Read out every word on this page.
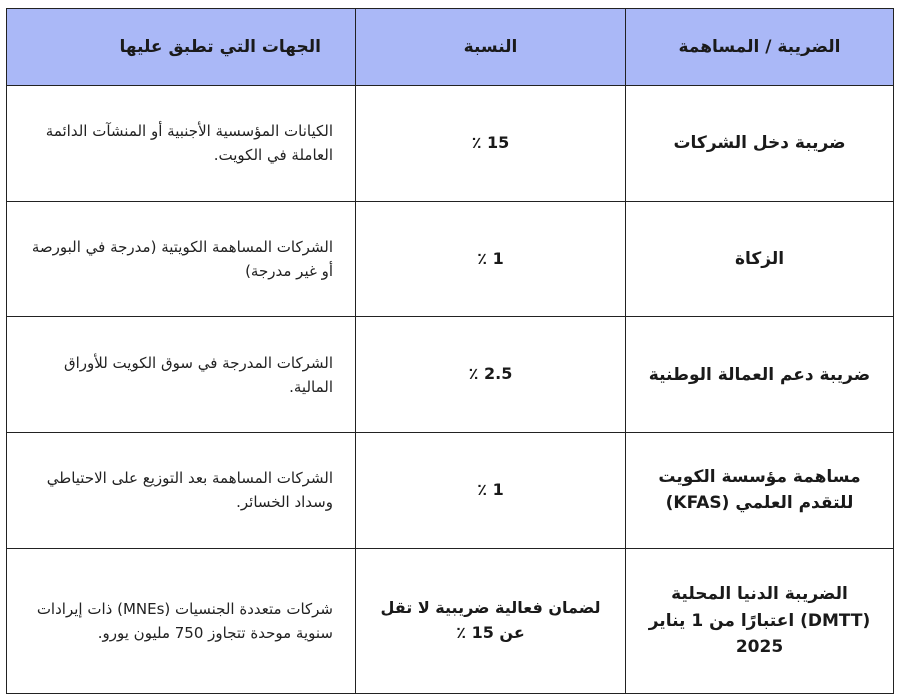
الضريبة / المساهمة	النسبة	الجهات التي تطبق عليها
ضريبة دخل الشركات	15 ٪	الكيانات المؤسسية الأجنبية أو المنشآت الدائمة العاملة في الكويت.
الزكاة	1 ٪	الشركات المساهمة الكويتية (مدرجة في البورصة أو غير مدرجة)
ضريبة دعم العمالة الوطنية	2.5 ٪	الشركات المدرجة في سوق الكويت للأوراق المالية.
مساهمة مؤسسة الكويت للتقدم العلمي (KFAS)	1 ٪	الشركات المساهمة بعد التوزيع على الاحتياطي وسداد الخسائر.
الضريبة الدنيا المحلية (DMTT) اعتبارًا من 1 يناير 2025	لضمان فعالية ضريبية لا تقل عن 15 ٪	شركات متعددة الجنسيات (MNEs) ذات إيرادات سنوية موحدة تتجاوز 750 مليون يورو.
